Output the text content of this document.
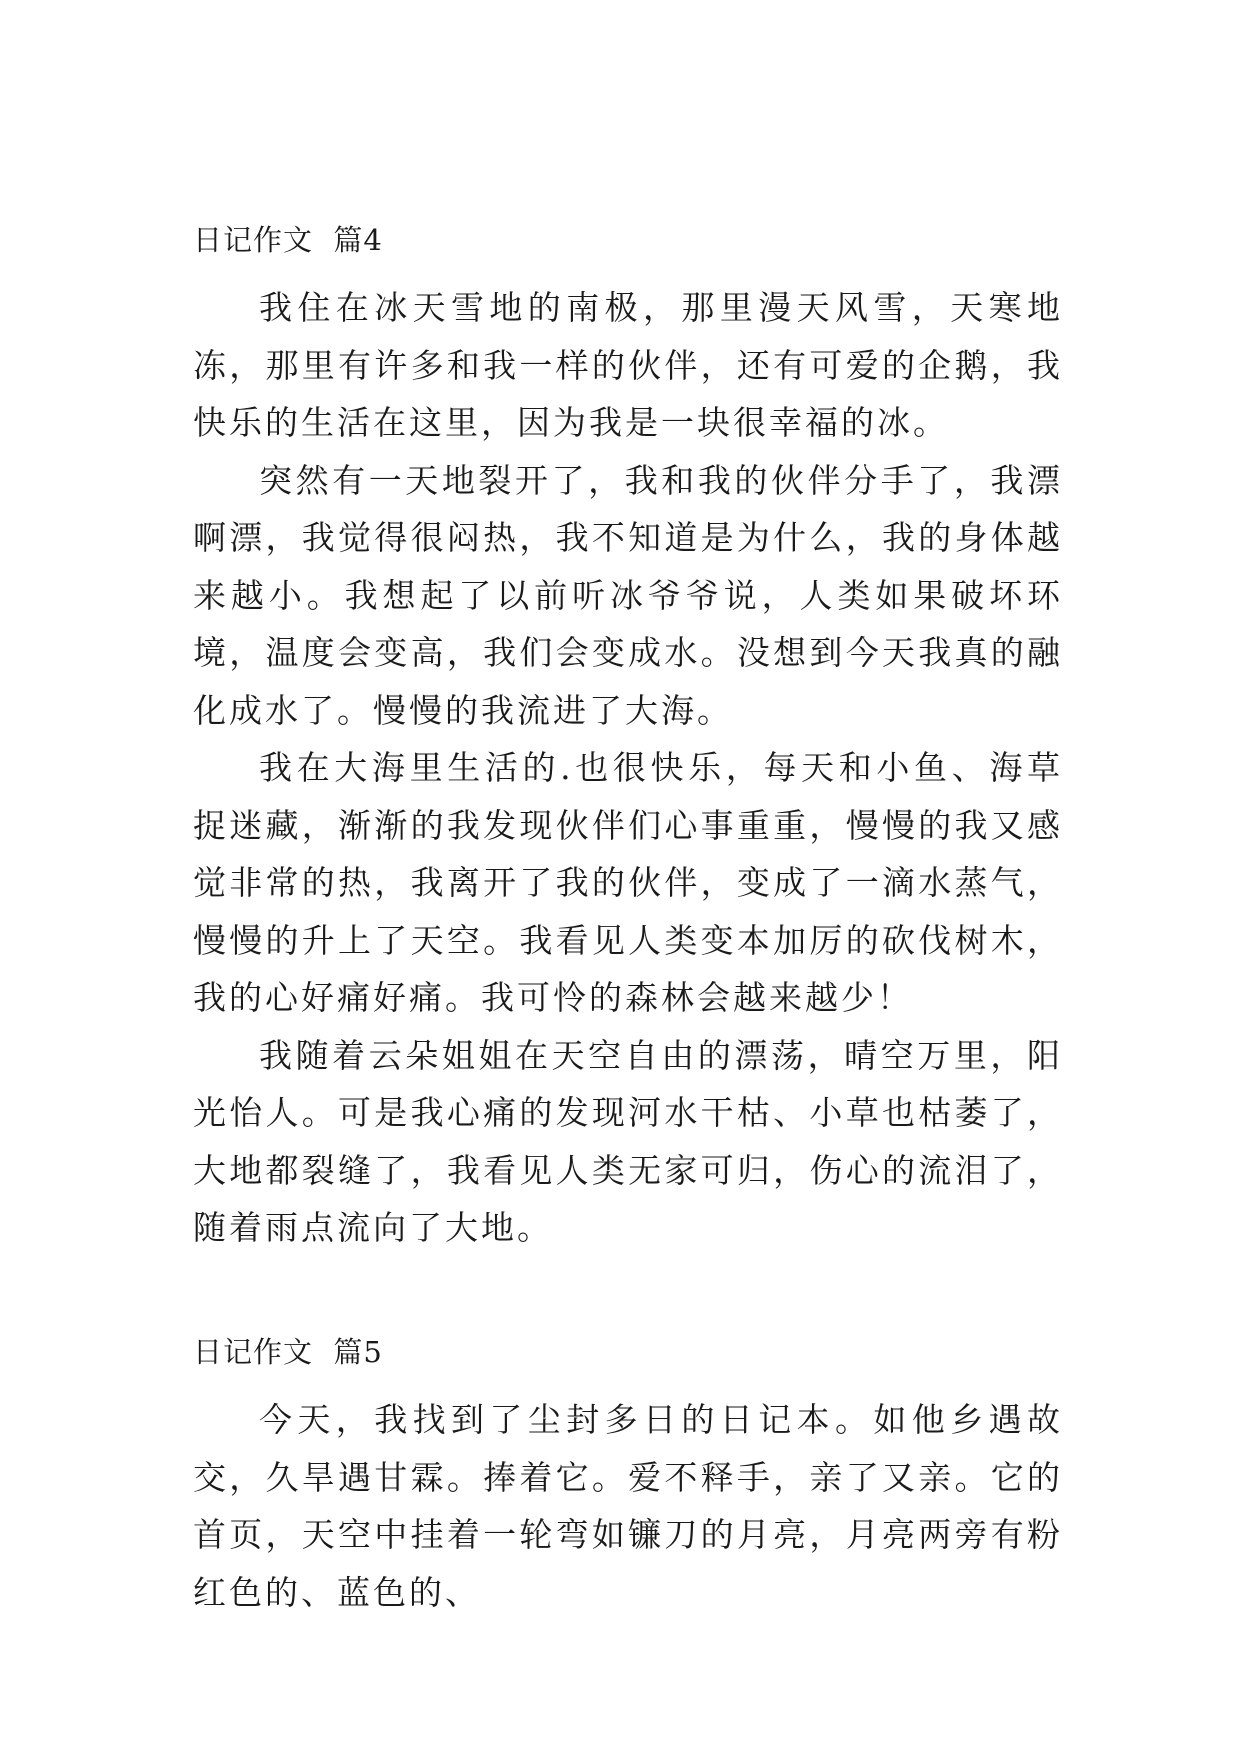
日记作文  篇4

我住在冰天雪地的南极，那里漫天风雪，天寒地冻，那里有许多和我一样的伙伴，还有可爱的企鹅，我快乐的生活在这里，因为我是一块很幸福的冰。

突然有一天地裂开了，我和我的伙伴分手了，我漂啊漂，我觉得很闷热，我不知道是为什么，我的身体越来越小。我想起了以前听冰爷爷说，人类如果破坏环境，温度会变高，我们会变成水。没想到今天我真的融化成水了。慢慢的我流进了大海。

我在大海里生活的.也很快乐，每天和小鱼、海草捉迷藏，渐渐的我发现伙伴们心事重重，慢慢的我又感觉非常的热，我离开了我的伙伴，变成了一滴水蒸气，慢慢的升上了天空。我看见人类变本加厉的砍伐树木，我的心好痛好痛。我可怜的森林会越来越少！

我随着云朵姐姐在天空自由的漂荡，晴空万里，阳光怡人。可是我心痛的发现河水干枯、小草也枯萎了，大地都裂缝了，我看见人类无家可归，伤心的流泪了，随着雨点流向了大地。

日记作文  篇5

今天，我找到了尘封多日的日记本。如他乡遇故交，久旱遇甘霖。捧着它。爱不释手，亲了又亲。它的首页，天空中挂着一轮弯如镰刀的月亮，月亮两旁有粉红色的、蓝色的、
